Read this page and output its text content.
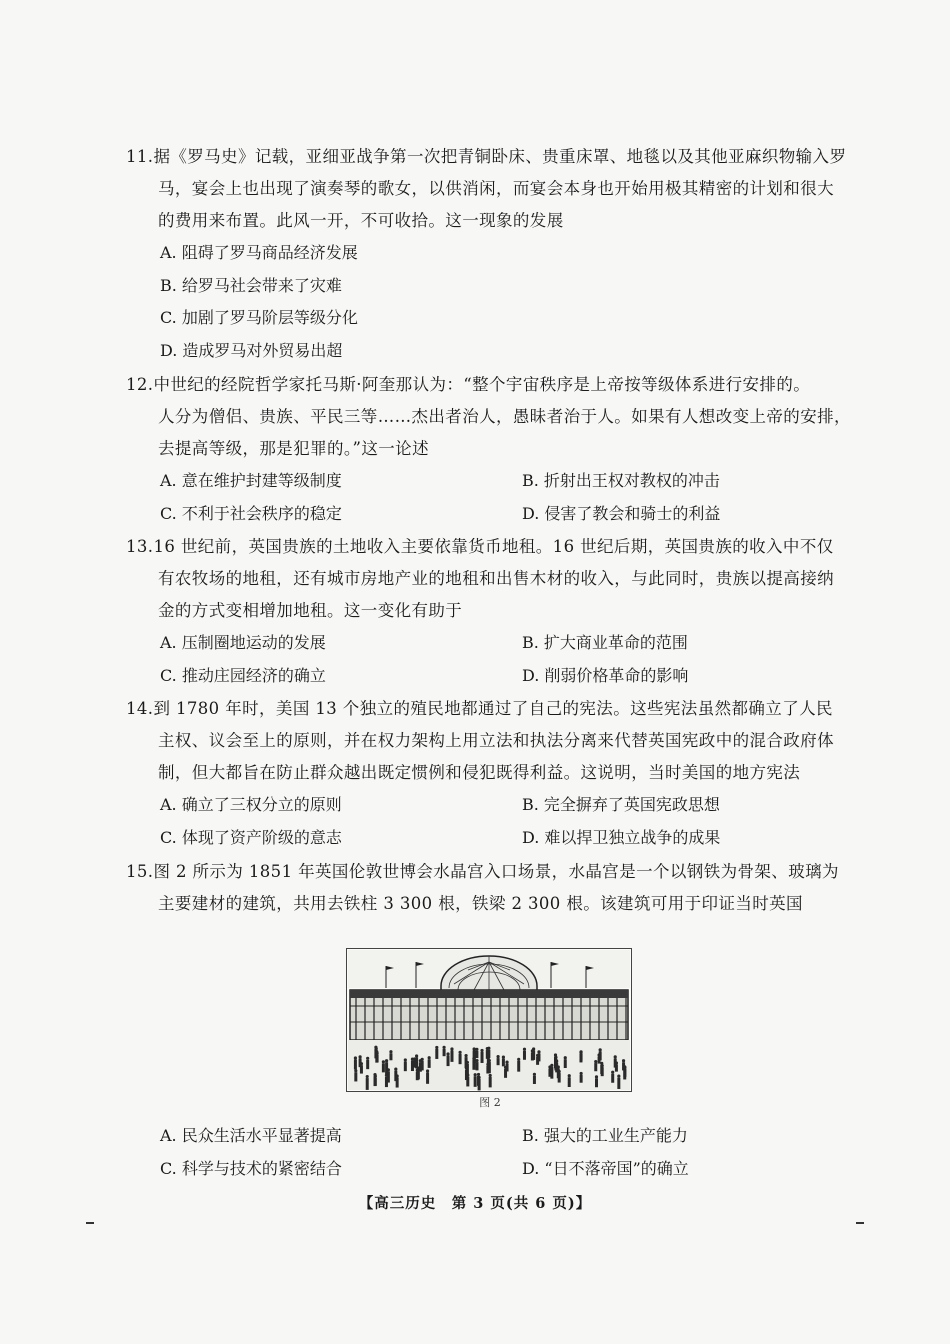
11.据《罗马史》记载，亚细亚战争第一次把青铜卧床、贵重床罩、地毯以及其他亚麻织物输入罗
马，宴会上也出现了演奏琴的歌女，以供消闲，而宴会本身也开始用极其精密的计划和很大
的费用来布置。此风一开，不可收拾。这一现象的发展
A. 阻碍了罗马商品经济发展
B. 给罗马社会带来了灾难
C. 加剧了罗马阶层等级分化
D. 造成罗马对外贸易出超
12.中世纪的经院哲学家托马斯·阿奎那认为：“整个宇宙秩序是上帝按等级体系进行安排的。
人分为僧侣、贵族、平民三等……杰出者治人，愚昧者治于人。如果有人想改变上帝的安排，
去提高等级，那是犯罪的。”这一论述
A. 意在维护封建等级制度	B. 折射出王权对教权的冲击
C. 不利于社会秩序的稳定	D. 侵害了教会和骑士的利益
13.16 世纪前，英国贵族的土地收入主要依靠货币地租。16 世纪后期，英国贵族的收入中不仅
有农牧场的地租，还有城市房地产业的地租和出售木材的收入，与此同时，贵族以提高接纳
金的方式变相增加地租。这一变化有助于
A. 压制圈地运动的发展	B. 扩大商业革命的范围
C. 推动庄园经济的确立	D. 削弱价格革命的影响
14.到 1780 年时，美国 13 个独立的殖民地都通过了自己的宪法。这些宪法虽然都确立了人民
主权、议会至上的原则，并在权力架构上用立法和执法分离来代替英国宪政中的混合政府体
制，但大都旨在防止群众越出既定惯例和侵犯既得利益。这说明，当时美国的地方宪法
A. 确立了三权分立的原则	B. 完全摒弃了英国宪政思想
C. 体现了资产阶级的意志	D. 难以捍卫独立战争的成果
15.图 2 所示为 1851 年英国伦敦世博会水晶宫入口场景，水晶宫是一个以钢铁为骨架、玻璃为
主要建材的建筑，共用去铁柱 3 300 根，铁梁 2 300 根。该建筑可用于印证当时英国
图 2
A. 民众生活水平显著提高	B. 强大的工业生产能力
C. 科学与技术的紧密结合	D. “日不落帝国”的确立
【高三历史　第 3 页(共 6 页)】
